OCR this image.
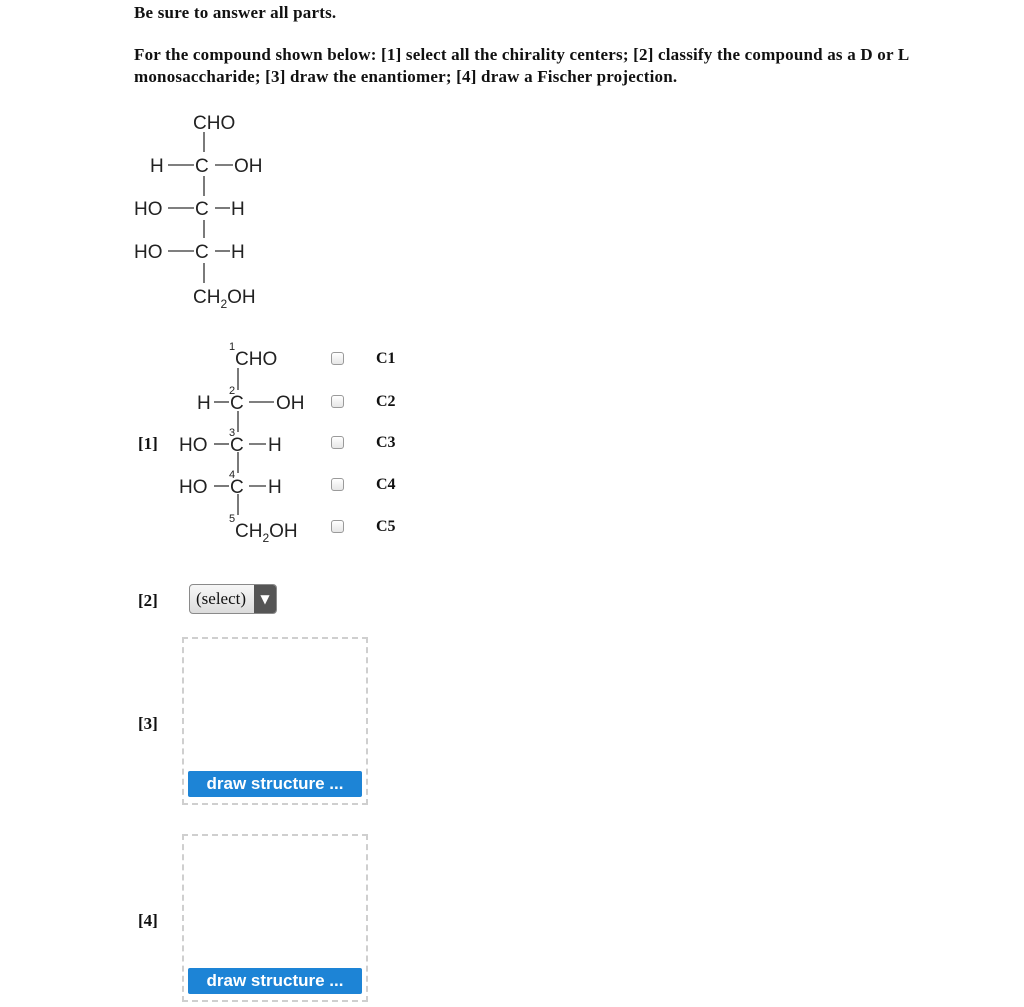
Be sure to answer all parts.
For the compound shown below: [1] select all the chirality centers; [2] classify the compound as a D or L monosaccharide; [3] draw the enantiomer; [4] draw a Fischer projection.
CHO
H C OH
HO C H
HO C H
$CH_2OH$
1
CHO
H
2
C OH
HO
3
C H
HO
4
C H
5
$CH_2OH$
[1]
[2]
[3]
[4]
C1
C2
C3
C4
C5
(select)	▼
draw structure ...
draw structure ...
